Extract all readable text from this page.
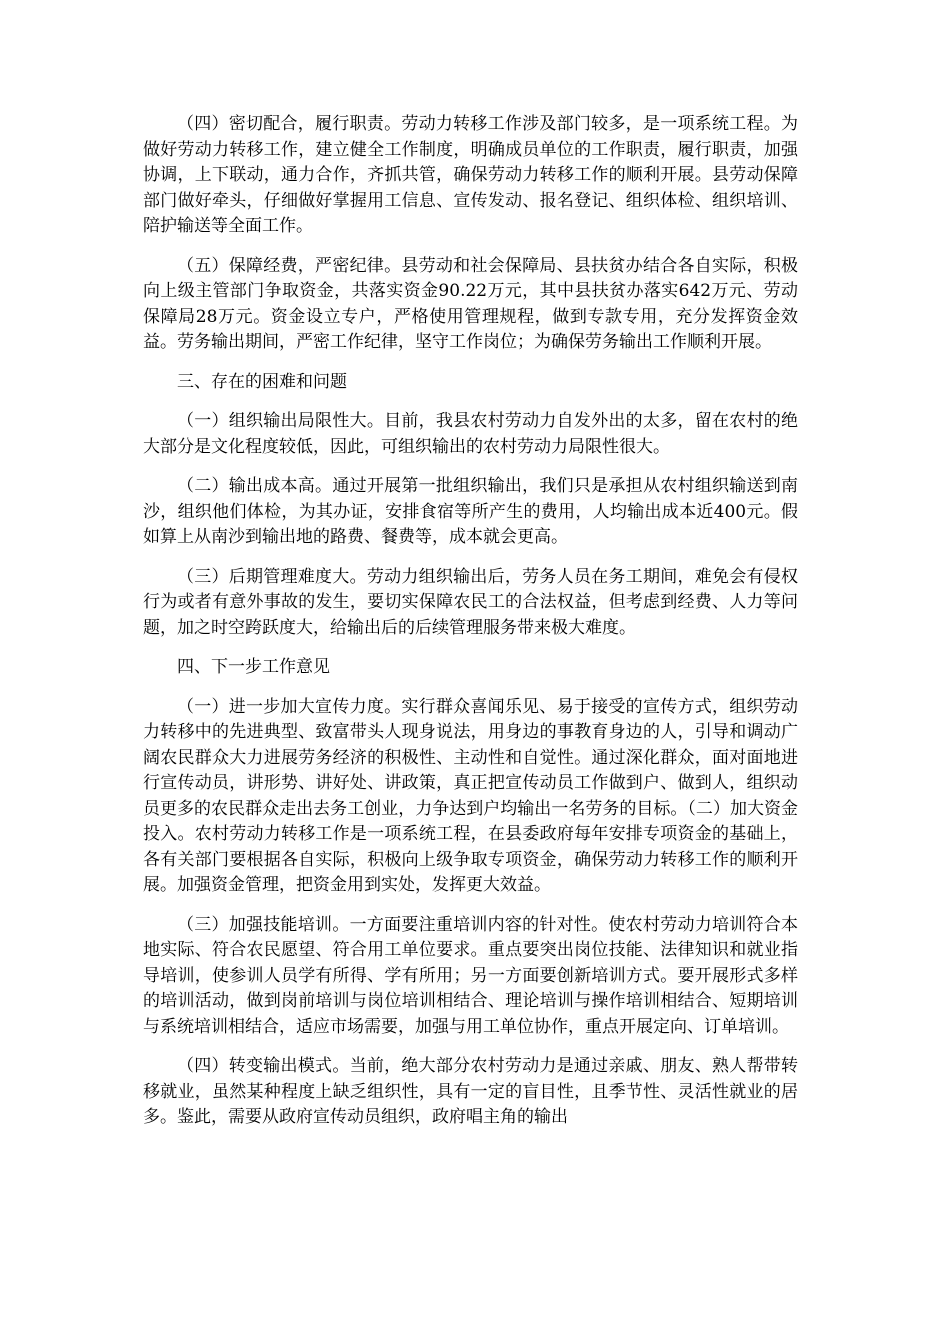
（四）密切配合，履行职责。劳动力转移工作涉及部门较多，是一项系统工程。为做好劳动力转移工作，建立健全工作制度，明确成员单位的工作职责，履行职责，加强协调，上下联动，通力合作，齐抓共管，确保劳动力转移工作的顺利开展。县劳动保障部门做好牵头，仔细做好掌握用工信息、宣传发动、报名登记、组织体检、组织培训、陪护输送等全面工作。

（五）保障经费，严密纪律。县劳动和社会保障局、县扶贫办结合各自实际，积极向上级主管部门争取资金，共落实资金90.22万元，其中县扶贫办落实642万元、劳动保障局28万元。资金设立专户，严格使用管理规程，做到专款专用，充分发挥资金效益。劳务输出期间，严密工作纪律，坚守工作岗位；为确保劳务输出工作顺利开展。

三、存在的困难和问题

（一）组织输出局限性大。目前，我县农村劳动力自发外出的太多，留在农村的绝大部分是文化程度较低，因此，可组织输出的农村劳动力局限性很大。

（二）输出成本高。通过开展第一批组织输出，我们只是承担从农村组织输送到南沙，组织他们体检，为其办证，安排食宿等所产生的费用，人均输出成本近400元。假如算上从南沙到输出地的路费、餐费等，成本就会更高。

（三）后期管理难度大。劳动力组织输出后，劳务人员在务工期间，难免会有侵权行为或者有意外事故的发生，要切实保障农民工的合法权益，但考虑到经费、人力等问题，加之时空跨跃度大，给输出后的后续管理服务带来极大难度。

四、下一步工作意见

（一）进一步加大宣传力度。实行群众喜闻乐见、易于接受的宣传方式，组织劳动力转移中的先进典型、致富带头人现身说法，用身边的事教育身边的人，引导和调动广阔农民群众大力进展劳务经济的积极性、主动性和自觉性。通过深化群众，面对面地进行宣传动员，讲形势、讲好处、讲政策，真正把宣传动员工作做到户、做到人，组织动员更多的农民群众走出去务工创业，力争达到户均输出一名劳务的目标。（二）加大资金投入。农村劳动力转移工作是一项系统工程，在县委政府每年安排专项资金的基础上，各有关部门要根据各自实际，积极向上级争取专项资金，确保劳动力转移工作的顺利开展。加强资金管理，把资金用到实处，发挥更大效益。

（三）加强技能培训。一方面要注重培训内容的针对性。使农村劳动力培训符合本地实际、符合农民愿望、符合用工单位要求。重点要突出岗位技能、法律知识和就业指导培训，使参训人员学有所得、学有所用；另一方面要创新培训方式。要开展形式多样的培训活动，做到岗前培训与岗位培训相结合、理论培训与操作培训相结合、短期培训与系统培训相结合，适应市场需要，加强与用工单位协作，重点开展定向、订单培训。

（四）转变输出模式。当前，绝大部分农村劳动力是通过亲戚、朋友、熟人帮带转移就业，虽然某种程度上缺乏组织性，具有一定的盲目性，且季节性、灵活性就业的居多。鉴此，需要从政府宣传动员组织，政府唱主角的输出
